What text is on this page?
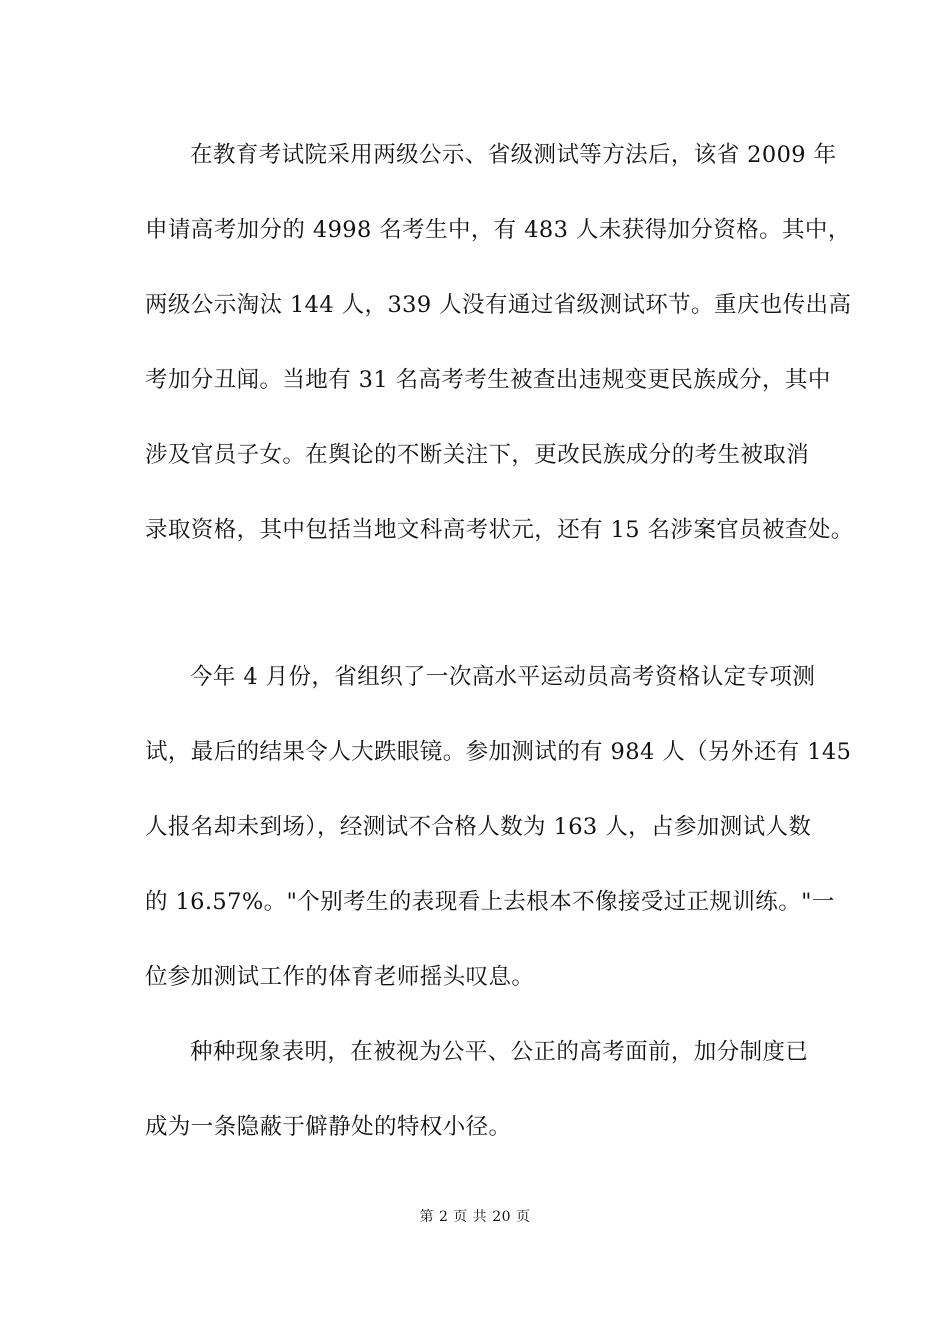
在教育考试院采用两级公示、省级测试等方法后，该省 2009 年
申请高考加分的 4998 名考生中，有 483 人未获得加分资格。其中，
两级公示淘汰 144 人，339 人没有通过省级测试环节。重庆也传出高
考加分丑闻。当地有 31 名高考考生被查出违规变更民族成分，其中
涉及官员子女。在舆论的不断关注下，更改民族成分的考生被取消
录取资格，其中包括当地文科高考状元，还有 15 名涉案官员被查处。
今年 4 月份，省组织了一次高水平运动员高考资格认定专项测
试，最后的结果令人大跌眼镜。参加测试的有 984 人（另外还有 145
人报名却未到场），经测试不合格人数为 163 人，占参加测试人数
的 16.57%。"个别考生的表现看上去根本不像接受过正规训练。"一
位参加测试工作的体育老师摇头叹息。
种种现象表明，在被视为公平、公正的高考面前，加分制度已
成为一条隐蔽于僻静处的特权小径。
第 2 页 共 20 页
